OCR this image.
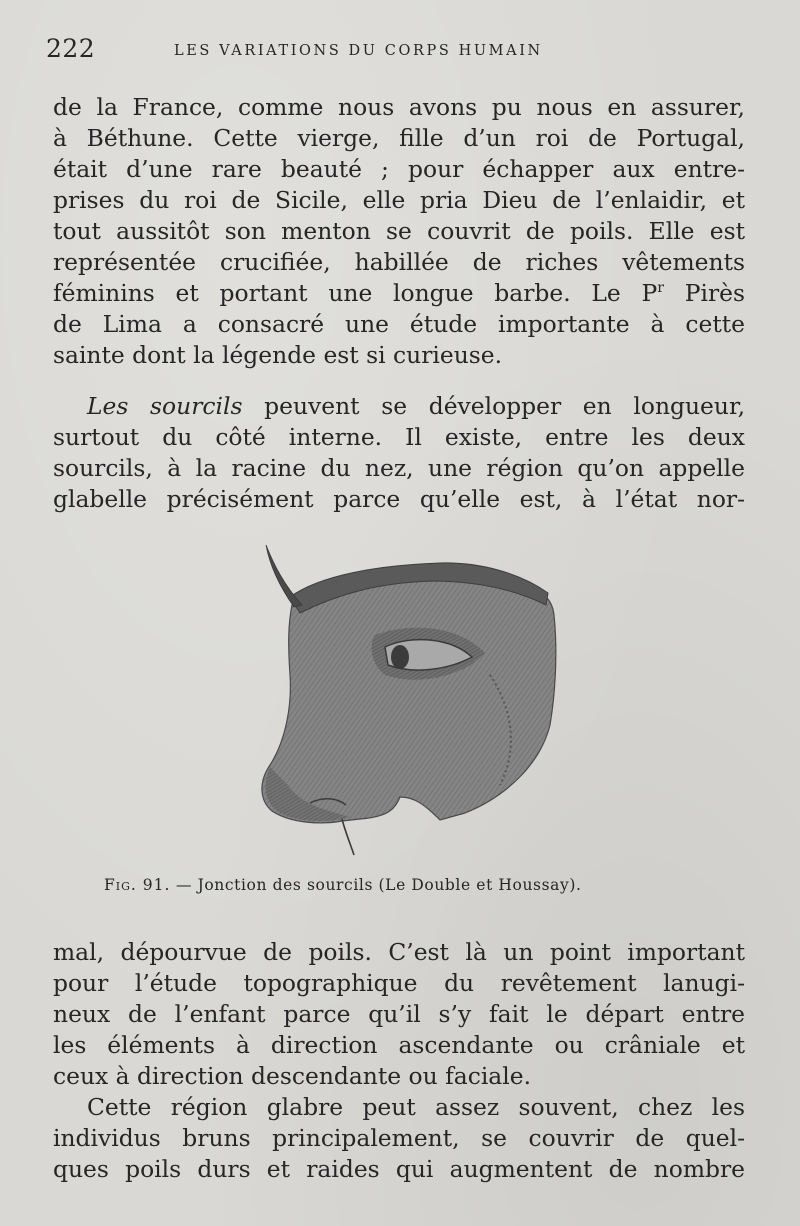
222	LES VARIATIONS DU CORPS HUMAIN
de la France, comme nous avons pu nous en assurer,
à Béthune. Cette vierge, fille d’un roi de Portugal,
était d’une rare beauté ; pour échapper aux entre-
prises du roi de Sicile, elle pria Dieu de l’enlaidir, et
tout aussitôt son menton se couvrit de poils. Elle est
représentée crucifiée, habillée de riches vêtements
féminins et portant une longue barbe. Le $P^r$ Pirès
de Lima a consacré une étude importante à cette
sainte dont la légende est si curieuse.
Les sourcils peuvent se développer en longueur,
surtout du côté interne. Il existe, entre les deux
sourcils, à la racine du nez, une région qu’on appelle
glabelle précisément parce qu’elle est, à l’état nor-
Fig. 91. — Jonction des sourcils (Le Double et Houssay).
mal, dépourvue de poils. C’est là un point important
pour l’étude topographique du revêtement lanugi-
neux de l’enfant parce qu’il s’y fait le départ entre
les éléments à direction ascendante ou crâniale et
ceux à direction descendante ou faciale.
Cette région glabre peut assez souvent, chez les
individus bruns principalement, se couvrir de quel-
ques poils durs et raides qui augmentent de nombre
